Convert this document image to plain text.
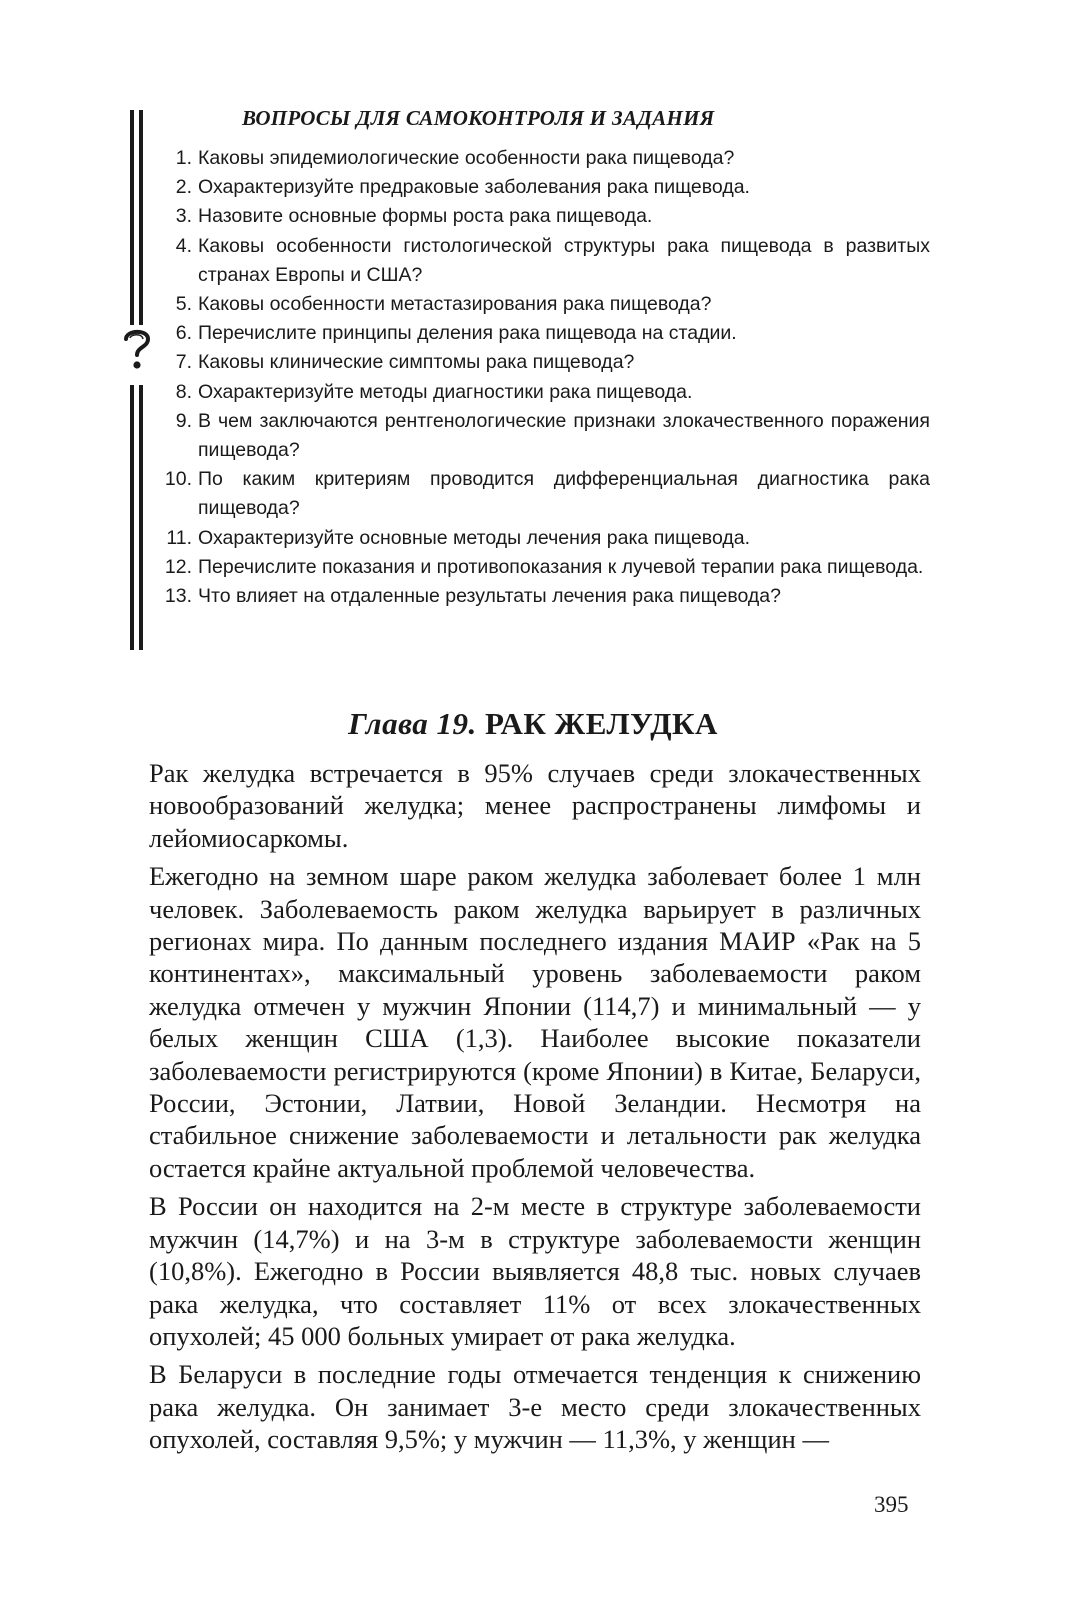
ВОПРОСЫ ДЛЯ САМОКОНТРОЛЯ И ЗАДАНИЯ
1. Каковы эпидемиологические особенности рака пищевода?
2. Охарактеризуйте предраковые заболевания рака пищевода.
3. Назовите основные формы роста рака пищевода.
4. Каковы особенности гистологической структуры рака пищевода в развитых странах Европы и США?
5. Каковы особенности метастазирования рака пищевода?
6. Перечислите принципы деления рака пищевода на стадии.
7. Каковы клинические симптомы рака пищевода?
8. Охарактеризуйте методы диагностики рака пищевода.
9. В чем заключаются рентгенологические признаки злокачественного поражения пищевода?
10. По каким критериям проводится дифференциальная диагностика рака пищевода?
11. Охарактеризуйте основные методы лечения рака пищевода.
12. Перечислите показания и противопоказания к лучевой терапии рака пищевода.
13. Что влияет на отдаленные результаты лечения рака пищевода?
Глава 19. РАК ЖЕЛУДКА

Рак желудка встречается в 95% случаев среди злокачественных новообразований желудка; менее распространены лимфомы и лейомиосаркомы.

Ежегодно на земном шаре раком желудка заболевает более 1 млн человек. Заболеваемость раком желудка варьирует в различных регионах мира. По данным последнего издания МАИР «Рак на 5 континентах», максимальный уровень заболеваемости раком желудка отмечен у мужчин Японии (114,7) и минимальный — у белых женщин США (1,3). Наиболее высокие показатели заболеваемости регистрируются (кроме Японии) в Китае, Беларуси, России, Эстонии, Латвии, Новой Зеландии. Несмотря на стабильное снижение заболеваемости и летальности рак желудка остается крайне актуальной проблемой человечества.

В России он находится на 2-м месте в структуре заболеваемости мужчин (14,7%) и на 3-м в структуре заболеваемости женщин (10,8%). Ежегодно в России выявляется 48,8 тыс. новых случаев рака желудка, что составляет 11% от всех злокачественных опухолей; 45 000 больных умирает от рака желудка.

В Беларуси в последние годы отмечается тенденция к снижению рака желудка. Он занимает 3-е место среди злокачественных опухолей, составляя 9,5%; у мужчин — 11,3%, у женщин —

395
